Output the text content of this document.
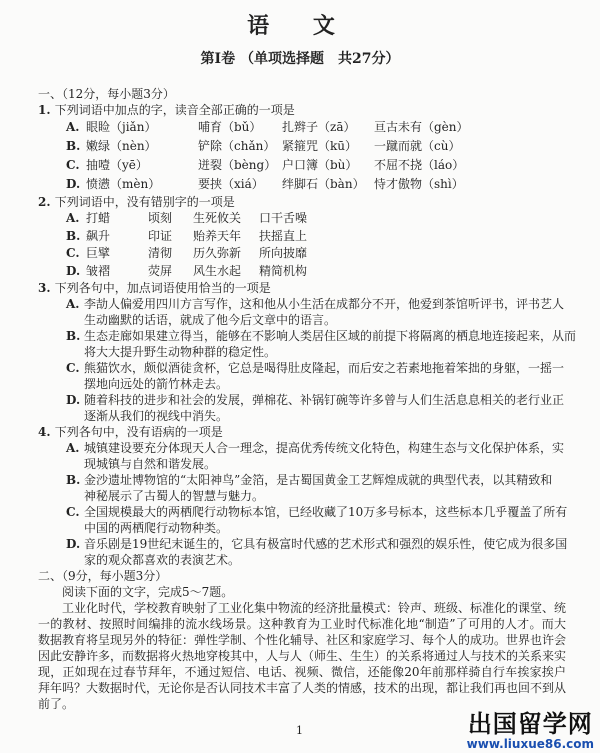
语 文
第Ⅰ卷 （单项选择题　共27分）
一、（12分，每小题3分）
1. 下列词语中加点的字，读音全部正确的一项是
A. 眼睑（jiǎn）	哺育（bǔ）	扎辫子（zā）	亘古未有（gèn）
B. 嫩绿（nèn）	铲除（chǎn） 紧箍咒（kū）	一蹴而就（cù）
C. 抽噎（yē）	迸裂（bèng） 户口簿（bù）	不屈不挠（láo）
D. 愤懑（mèn）	要挟（xiá）	绊脚石（bàn） 恃才傲物（shì）
2. 下列词语中，没有错别字的一项是
A. 打蜡	顷刻	生死攸关	口干舌噪
B. 飙升	印证	贻养天年	扶摇直上
C. 巨擘	清彻	历久弥新	所向披靡
D. 皱褶	荧屏	风生水起	精简机构
3. 下列各句中，加点词语使用恰当的一项是
A. 李劼人偏爱用四川方言写作，这和他从小生活在成都分不开，他爱到茶馆听评书，评书艺人
生动幽默的话语，就成了他今后文章中的语言。
B. 生态走廊如果建立得当，能够在不影响人类居住区域的前提下将隔离的栖息地连接起来，从而
将大大提升野生动物种群的稳定性。
C. 熊猫饮水，颇似酒徒贪杯，它总是喝得肚皮隆起，而后安之若素地拖着笨拙的身躯，一摇一
摆地向远处的箭竹林走去。
D. 随着科技的进步和社会的发展，弹棉花、补锅钉碗等许多曾与人们生活息息相关的老行业正
逐渐从我们的视线中消失。
4. 下列各句中，没有语病的一项是
A. 城镇建设要充分体现天人合一理念，提高优秀传统文化特色，构建生态与文化保护体系，实
现城镇与自然和谐发展。
B. 金沙遗址博物馆的“太阳神鸟”金箔，是古蜀国黄金工艺辉煌成就的典型代表，以其精致和
神秘展示了古蜀人的智慧与魅力。
C. 全国规模最大的两栖爬行动物标本馆，已经收藏了10万多号标本，这些标本几乎覆盖了所有
中国的两栖爬行动物种类。
D. 音乐剧是19世纪末诞生的，它具有极富时代感的艺术形式和强烈的娱乐性，使它成为很多国
家的观众都喜欢的表演艺术。
二、（9分，每小题3分）
阅读下面的文字，完成5～7题。
工业化时代，学校教育映射了工业化集中物流的经济批量模式：铃声、班级、标准化的课堂、统一的教材、按照时间编排的流水线场景。这种教育为工业时代标准化地“制造”了可用的人才。而大数据教育将呈现另外的特征：弹性学制、个性化辅导、社区和家庭学习、每个人的成功。世界也许会因此安静许多，而数据将火热地穿梭其中，人与人（师生、生生）的关系将通过人与技术的关系来实现，正如现在过春节拜年，不通过短信、电话、视频、微信，还能像20年前那样骑自行车挨家挨户拜年吗？大数据时代，无论你是否认同技术丰富了人类的情感，技术的出现，都让我们再也回不到从前了。
1	出国留学网
www.liuxue86.com
